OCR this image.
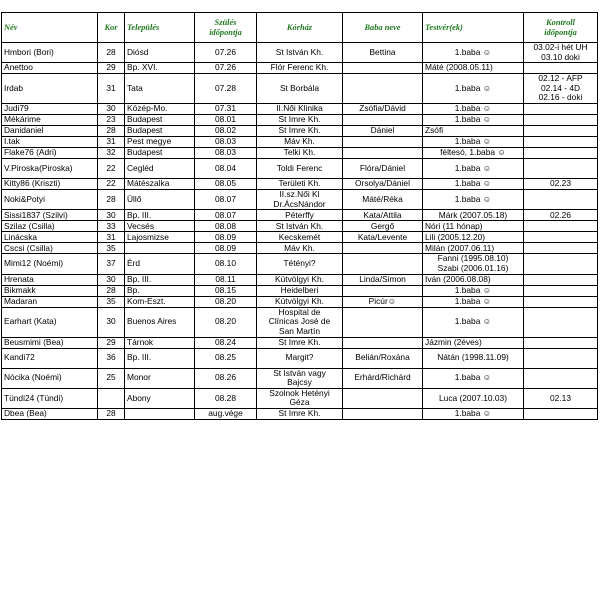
Név	Kor	Település	Szülés
időpontja	Kórház	Baba neve	Testvér(ek)	Kontroll
időpontja

Hmbori (Bori)	28	Diósd	07.26	St István Kh.	Bettina	1.baba ☺	03.02-i hét UH
03.10 doki

Anettoo	29	Bp. XVI.	07.26	Flór Ferenc Kh.		Máté (2008.05.11)	

Irdab	31	Tata	07.28	St Borbála		1.baba ☺	02.12 - AFP
02.14 - 4D
02.16 - doki

Judi79	30	Közép-Mo.	07.31	II.Női Klinika	Zsófia/Dávid	1.baba ☺	

Mékárime	23	Budapest	08.01	St Imre Kh.		1.baba ☺	

Danidaniel	28	Budapest	08.02	St Imre Kh.	Dániel	Zsófi	

I.tak	31	Pest megye	08.03	Máv Kh.		1.baba ☺	

Flake76 (Adri)	32	Budapest	08.03	Telki Kh.		féltesó, 1.baba ☺	

V.Piroska(Piroska)	22	Cegléd	08.04	Toldi Ferenc	Flóra/Dániel	1.baba ☺	

Kitty86 (Kriszti)	22	Mátészalka	08.05	Területi Kh.	Orsolya/Dániel	1.baba ☺	02.23

Noki&Potyi	28	Üllő	08.07	II.sz.Női Kl
Dr.ÁcsNándor	Máté/Réka	1.baba ☺	

Sissi1837 (Szilvi)	30	Bp. III.	08.07	Péterffy	Kata/Attila	Márk (2007.05.18)	02.26

Szilaz (Csilla)	33	Vecsés	08.08	St István Kh.	Gergő	Nóri (11 hónap)	

Linácska	31	Lajosmizse	08.09	Kecskemét	Kata/Levente	Lili (2005.12.20)	

Cscsi (Csilla)	35		08.09	Máv Kh.		Milán (2007.06.11)	

Mimi12 (Noémi)	37	Érd	08.10	Tétényi?		Fanni (1995.08.10)
Szabi (2006.01.16)	

Hrenata	30	Bp. III.	08.11	Kútvölgyi Kh.	Linda/Simon	Iván (2006.08.08)	

Bikmakk	28	Bp.	08.15	Heidelberi		1.baba ☺	

Madaran	35	Kom-Eszt.	08.20	Kútvölgyi Kh.	Picúr☺	1.baba ☺	

Earhart (Kata)	30	Buenos Aires	08.20	Hospital de
Clínicas José de
San Martín		1.baba ☺	

Beusmimi (Bea)	29	Tárnok	08.24	St Imre Kh.		Jázmin (2éves)	

Kandi72	36	Bp. III.	08.25	Margit?	Belián/Roxána	Nátán (1998.11.09)	

Nócika (Noémi)	25	Monor	08.26	St István vagy
Bajcsy	Erhárd/Richárd	1.baba ☺	

Tündi24 (Tündi)		Abony	08.28	Szolnok Hetényi
Géza		Luca (2007.10.03)	02.13

Dbea (Bea)	28		aug.vége	St Imre Kh.		1.baba ☺	
